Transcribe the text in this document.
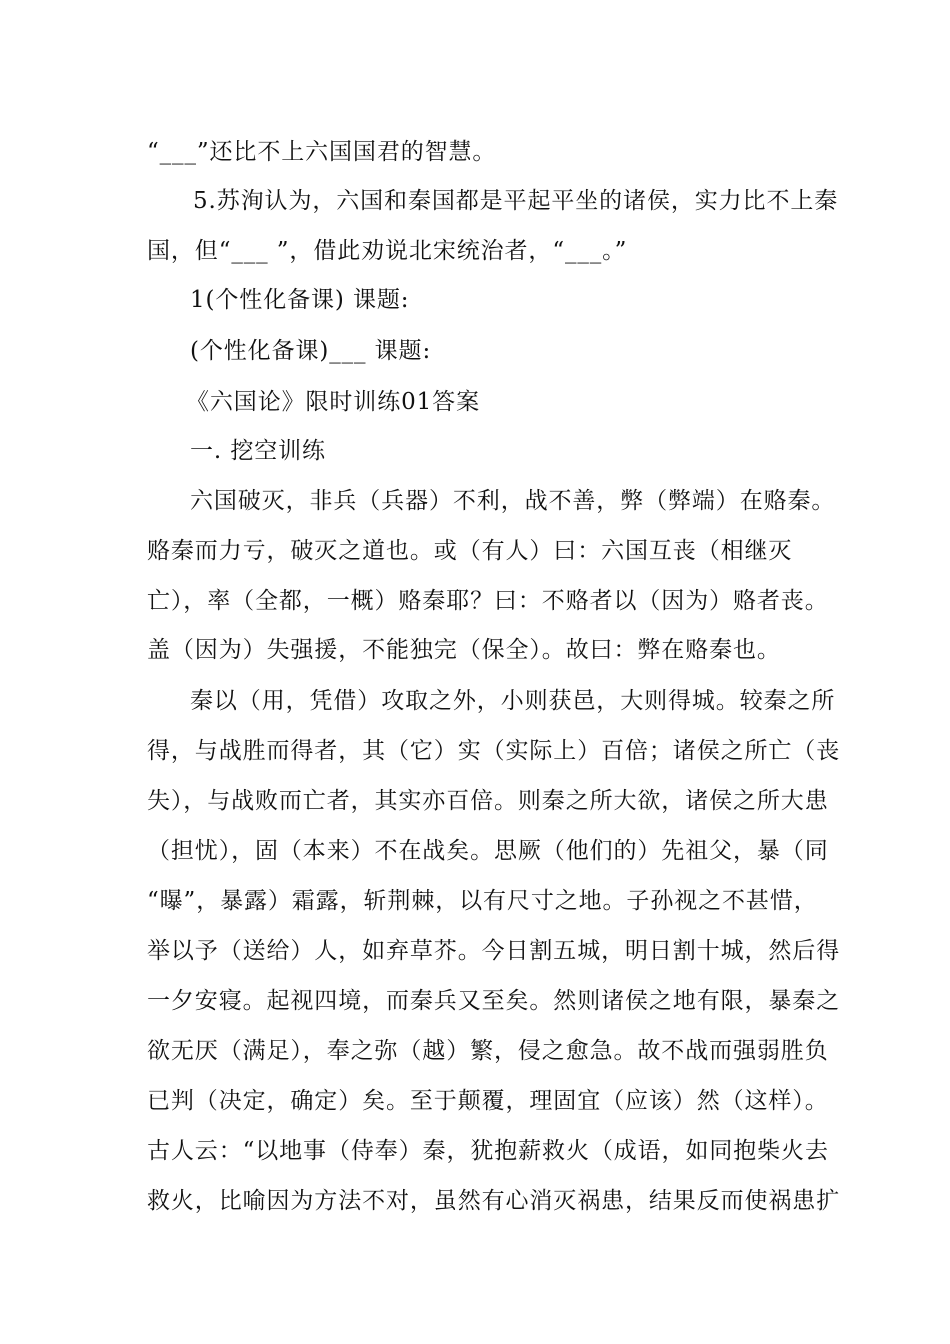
“___”还比不上六国国君的智慧。
5.苏洵认为，六国和秦国都是平起平坐的诸侯，实力比不上秦
国，但“___ ”，借此劝说北宋统治者，“___。”
1(个性化备课) 课题:
(个性化备课)___ 课题:
《六国论》限时训练01答案
一. 挖空训练
六国破灭，非兵（兵器）不利，战不善，弊（弊端）在赂秦。
赂秦而力亏，破灭之道也。或（有人）曰：六国互丧（相继灭
亡），率（全都，一概）赂秦耶？曰：不赂者以（因为）赂者丧。
盖（因为）失强援，不能独完（保全）。故曰：弊在赂秦也。
秦以（用，凭借）攻取之外，小则获邑，大则得城。较秦之所
得，与战胜而得者，其（它）实（实际上）百倍；诸侯之所亡（丧
失），与战败而亡者，其实亦百倍。则秦之所大欲，诸侯之所大患
（担忧），固（本来）不在战矣。思厥（他们的）先祖父，暴（同
“曝”，暴露）霜露，斩荆棘，以有尺寸之地。子孙视之不甚惜，
举以予（送给）人，如弃草芥。今日割五城，明日割十城，然后得
一夕安寝。起视四境，而秦兵又至矣。然则诸侯之地有限，暴秦之
欲无厌（满足），奉之弥（越）繁，侵之愈急。故不战而强弱胜负
已判（决定，确定）矣。至于颠覆，理固宜（应该）然（这样）。
古人云：“以地事（侍奉）秦，犹抱薪救火（成语，如同抱柴火去
救火，比喻因为方法不对，虽然有心消灭祸患，结果反而使祸患扩
